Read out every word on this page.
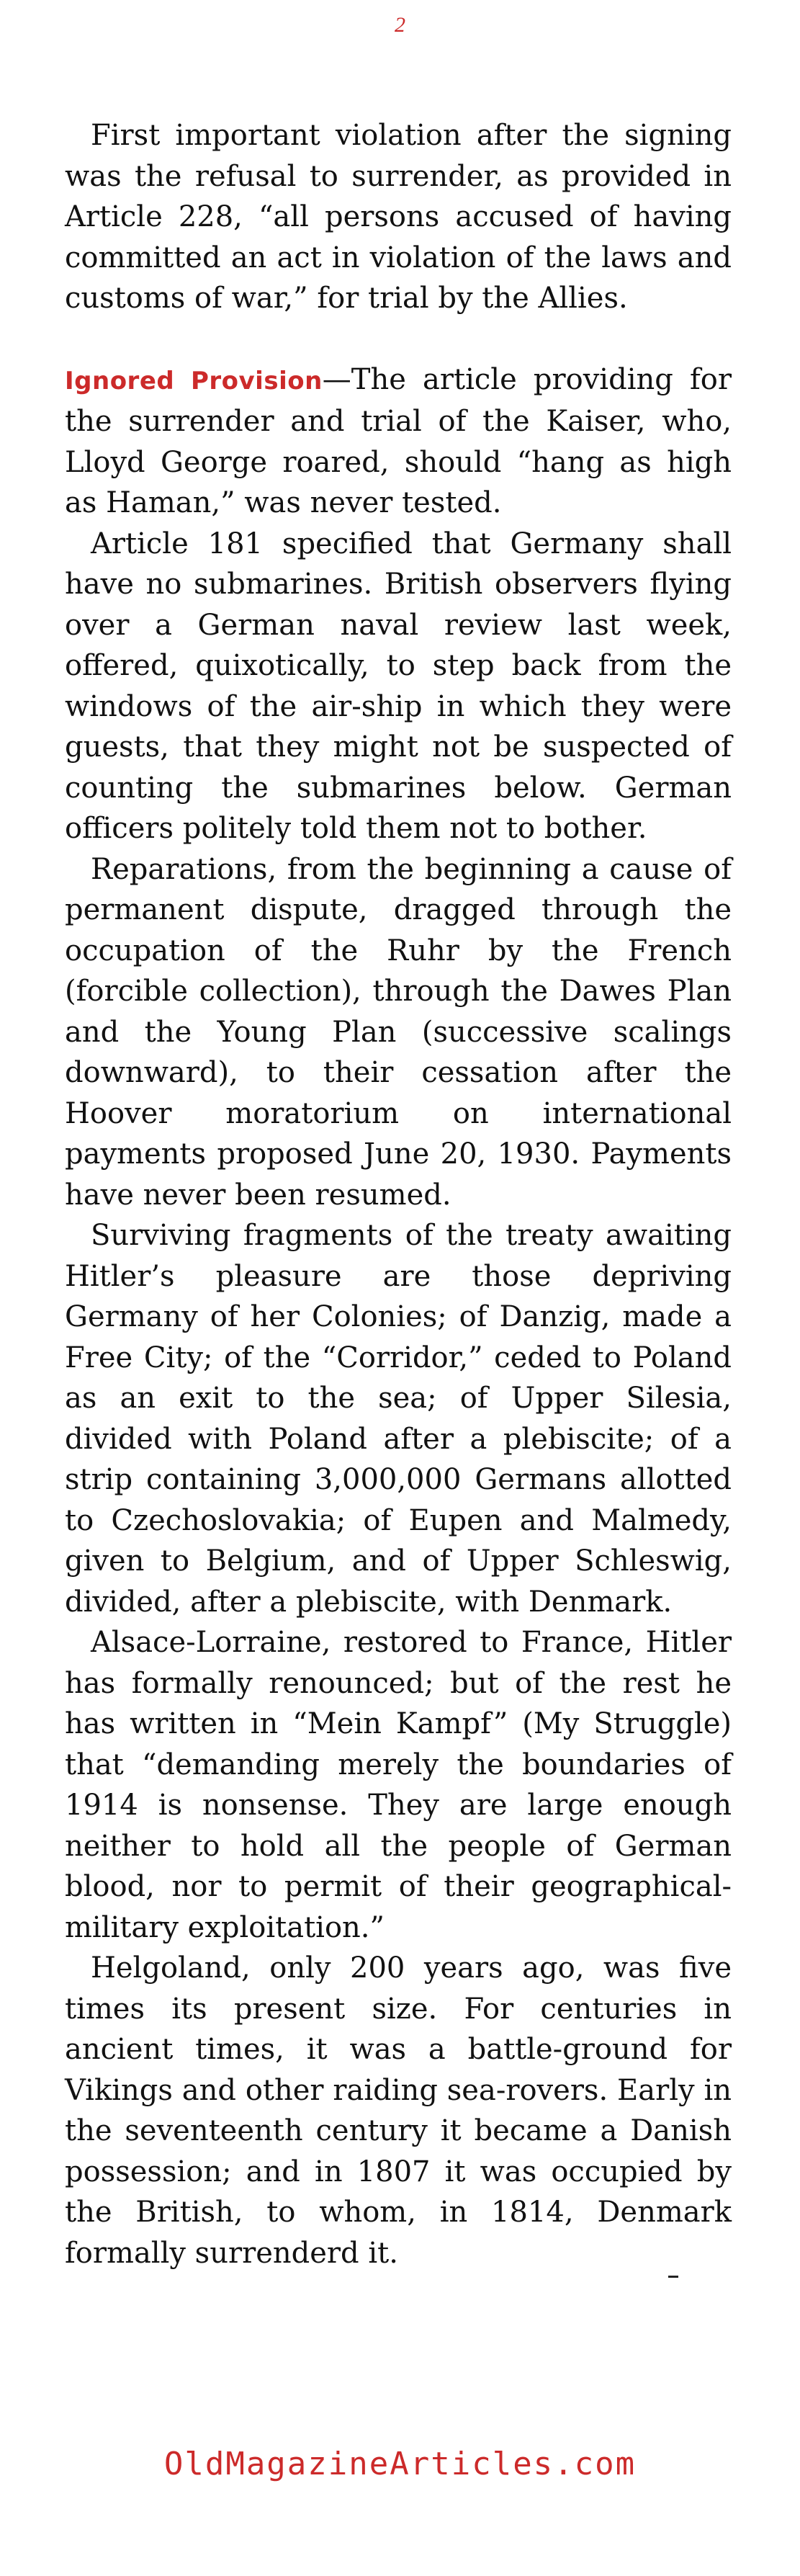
2

First important violation after the signing was the refusal to surrender, as provided in Article 228, “all persons accused of having committed an act in violation of the laws and customs of war,” for trial by the Allies.

Ignored Provision—The article providing for the surrender and trial of the Kaiser, who, Lloyd George roared, should “hang as high as Haman,” was never tested.

Article 181 specified that Germany shall have no submarines. British observers flying over a German naval review last week, offered, quixotically, to step back from the windows of the air-ship in which they were guests, that they might not be suspected of counting the submarines below. German officers politely told them not to bother.

Reparations, from the beginning a cause of permanent dispute, dragged through the occupation of the Ruhr by the French (forcible collection), through the Dawes Plan and the Young Plan (successive scalings downward), to their cessation after the Hoover moratorium on international payments proposed June 20, 1930. Payments have never been resumed.

Surviving fragments of the treaty awaiting Hitler’s pleasure are those depriving Germany of her Colonies; of Danzig, made a Free City; of the “Corridor,” ceded to Poland as an exit to the sea; of Upper Silesia, divided with Poland after a plebiscite; of a strip containing 3,000,000 Germans allotted to Czechoslovakia; of Eupen and Malmedy, given to Belgium, and of Upper Schleswig, divided, after a plebiscite, with Denmark.

Alsace-Lorraine, restored to France, Hitler has formally renounced; but of the rest he has written in “Mein Kampf” (My Struggle) that “demanding merely the boundaries of 1914 is nonsense. They are large enough neither to hold all the people of German blood, nor to permit of their geographical-military exploitation.”

Helgoland, only 200 years ago, was five times its present size. For centuries in ancient times, it was a battle-ground for Vikings and other raiding sea-rovers. Early in the seventeenth century it became a Danish possession; and in 1807 it was occupied by the British, to whom, in 1814, Denmark formally surrenderd it.

OldMagazineArticles.com
